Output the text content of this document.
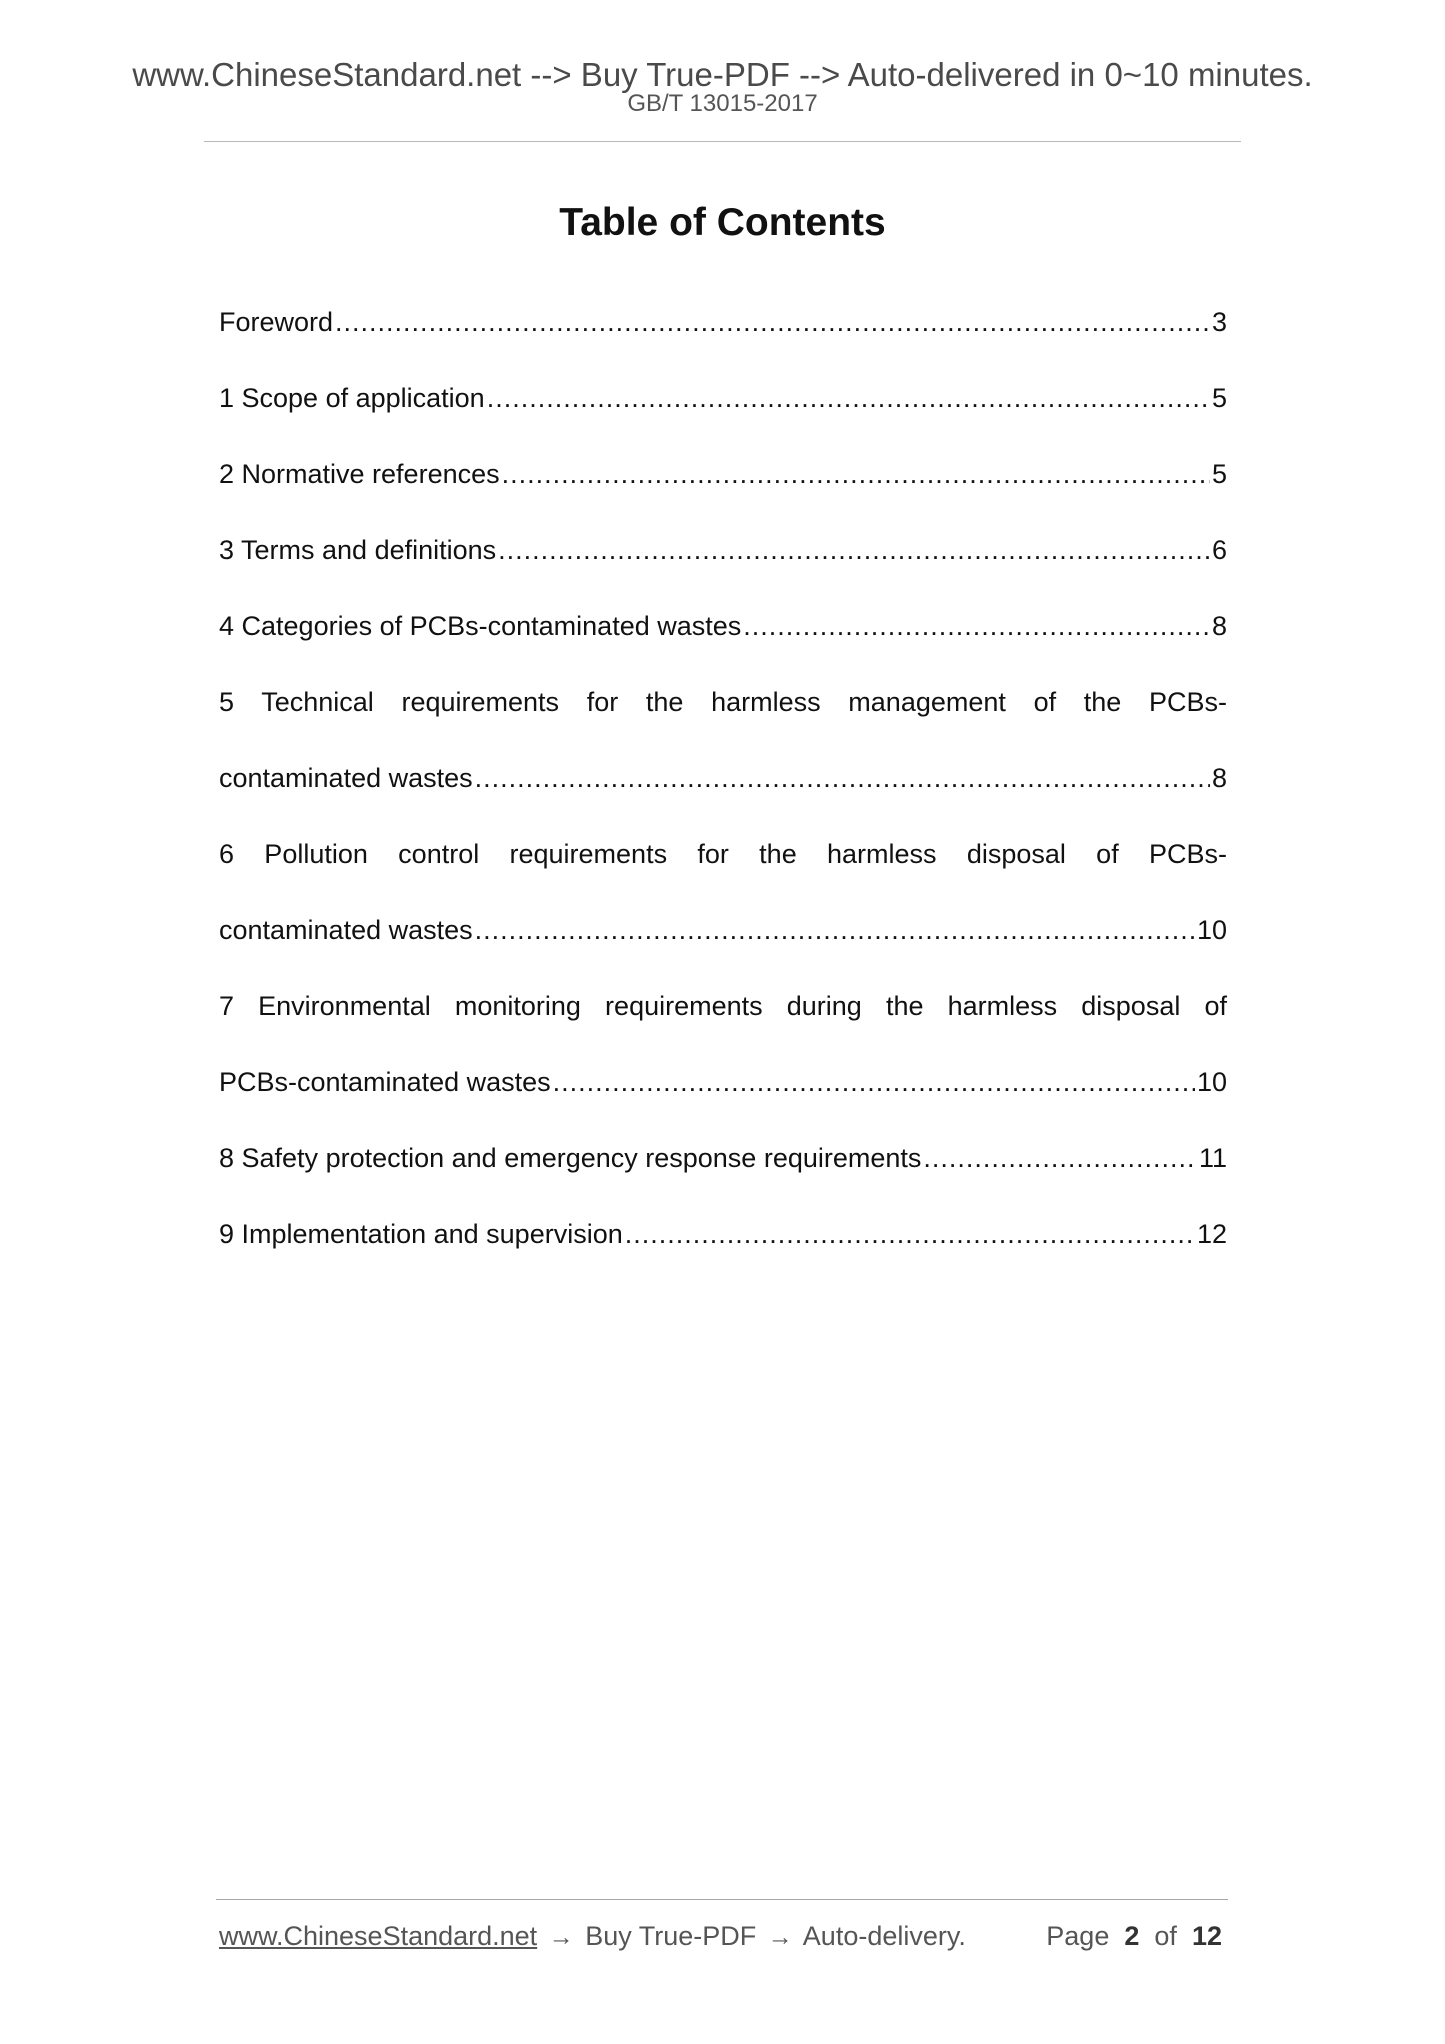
www.ChineseStandard.net --> Buy True-PDF --> Auto-delivered in 0~10 minutes.
GB/T 13015-2017
Table of Contents
Foreword .....	3
1 Scope of application .....	5
2 Normative references .....	5
3 Terms and definitions .....	6
4 Categories of PCBs-contaminated wastes .....	8
5 Technical requirements for the harmless management of the PCBs-
contaminated wastes .....	8
6 Pollution control requirements for the harmless disposal of PCBs-
contaminated wastes .....	10
7 Environmental monitoring requirements during the harmless disposal of
PCBs-contaminated wastes .....	10
8 Safety protection and emergency response requirements .....	11
9 Implementation and supervision .....	12
www.ChineseStandard.net → Buy True-PDF → Auto-delivery.	Page 2 of 12
